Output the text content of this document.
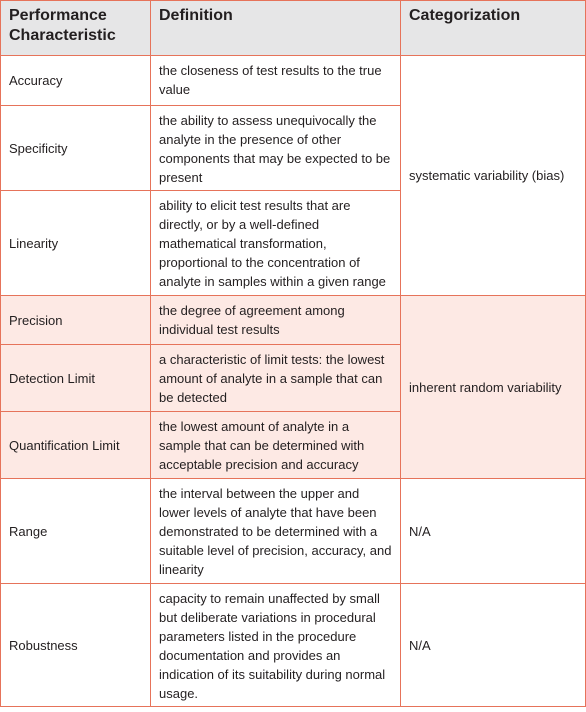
Performance Characteristic	Definition	Categorization
Accuracy	the closeness of test results to the true value	systematic variability (bias)
Specificity	the ability to assess unequivocally the analyte in the presence of other components that may be expected to be present	
Linearity	ability to elicit test results that are directly, or by a well-defined mathematical transformation, proportional to the concentration of analyte in samples within a given range	
Precision	the degree of agreement among individual test results	inherent random variability
Detection Limit	a characteristic of limit tests: the lowest amount of analyte in a sample that can be detected	
Quantification Limit	the lowest amount of analyte in a sample that can be determined with acceptable precision and accuracy	
Range	the interval between the upper and lower levels of analyte that have been demonstrated to be determined with a suitable level of precision, accuracy, and linearity	N/A
Robustness	capacity to remain unaffected by small but deliberate variations in procedural parameters listed in the procedure documentation and provides an indication of its suitability during normal usage.	N/A
